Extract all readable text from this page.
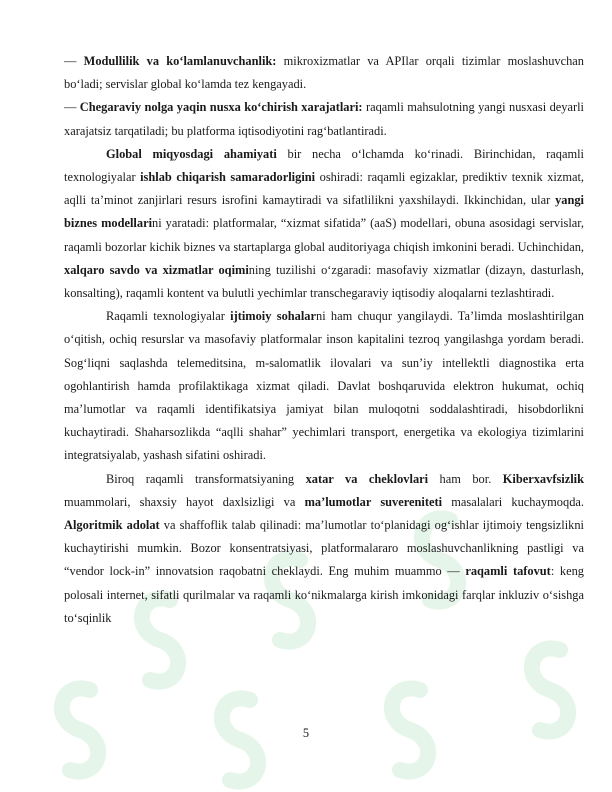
— Modullilik va ko‘lamlanuvchanlik: mikroxizmatlar va APIlar orqali tizimlar moslashuvchan bo‘ladi; servislar global ko‘lamda tez kengayadi.

— Chegaraviy nolga yaqin nusxa ko‘chirish xarajatlari: raqamli mahsulotning yangi nusxasi deyarli xarajatsiz tarqatiladi; bu platforma iqtisodiyotini rag‘batlantiradi.

Global miqyosdagi ahamiyati bir necha o‘lchamda ko‘rinadi. Birinchidan, raqamli texnologiyalar ishlab chiqarish samaradorligini oshiradi: raqamli egizaklar, prediktiv texnik xizmat, aqlli ta’minot zanjirlari resurs isrofini kamaytiradi va sifatlilikni yaxshilaydi. Ikkinchidan, ular yangi biznes modellarini yaratadi: platformalar, “xizmat sifatida” (aaS) modellari, obuna asosidagi servislar, raqamli bozorlar kichik biznes va startaplarga global auditoriyaga chiqish imkonini beradi. Uchinchidan, xalqaro savdo va xizmatlar oqimining tuzilishi o‘zgaradi: masofaviy xizmatlar (dizayn, dasturlash, konsalting), raqamli kontent va bulutli yechimlar transchegaraviy iqtisodiy aloqalarni tezlashtiradi.

Raqamli texnologiyalar ijtimoiy sohalarni ham chuqur yangilaydi. Ta’limda moslashtirilgan o‘qitish, ochiq resurslar va masofaviy platformalar inson kapitalini tezroq yangilashga yordam beradi. Sog‘liqni saqlashda telemeditsina, m-salomatlik ilovalari va sun’iy intellektli diagnostika erta ogohlantirish hamda profilaktikaga xizmat qiladi. Davlat boshqaruvida elektron hukumat, ochiq ma’lumotlar va raqamli identifikatsiya jamiyat bilan muloqotni soddalashtiradi, hisobdorlikni kuchaytiradi. Shaharsozlikda “aqlli shahar” yechimlari transport, energetika va ekologiya tizimlarini integratsiyalab, yashash sifatini oshiradi.

Biroq raqamli transformatsiyaning xatar va cheklovlari ham bor. Kiberxavfsizlik muammolari, shaxsiy hayot daxlsizligi va ma’lumotlar suvereniteti masalalari kuchaymoqda. Algoritmik adolat va shaffoflik talab qilinadi: ma’lumotlar to‘planidagi og‘ishlar ijtimoiy tengsizlikni kuchaytirishi mumkin. Bozor konsentratsiyasi, platformalararo moslashuvchanlikning pastligi va “vendor lock-in” innovatsion raqobatni cheklaydi. Eng muhim muammo — raqamli tafovut: keng polosali internet, sifatli qurilmalar va raqamli ko‘nikmalarga kirish imkonidagi farqlar inkluziv o‘sishga to‘sqinlik

5
